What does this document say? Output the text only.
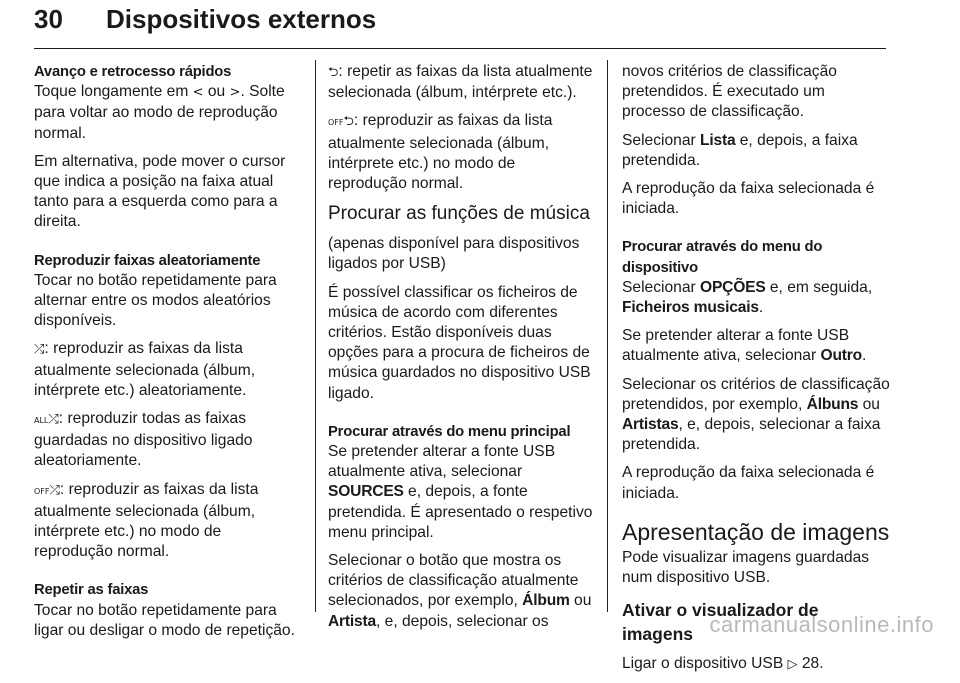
30 Dispositivos externos

Avanço e retrocesso rápidos

Toque longamente em < ou >. Solte para voltar ao modo de reprodução normal.

Em alternativa, pode mover o cursor que indica a posição na faixa atual tanto para a esquerda como para a direita.

Reproduzir faixas aleatoriamente

Tocar no botão repetidamente para alternar entre os modos aleatórios disponíveis.

⤮: reproduzir as faixas da lista atualmente selecionada (álbum, intérprete etc.) aleatoriamente.

ALL⤮: reproduzir todas as faixas guardadas no dispositivo ligado aleatoriamente.

OFF⤮: reproduzir as faixas da lista atualmente selecionada (álbum, intérprete etc.) no modo de reprodução normal.

Repetir as faixas

Tocar no botão repetidamente para ligar ou desligar o modo de repetição.

⮌: repetir as faixas da lista atualmente selecionada (álbum, intérprete etc.).

OFF⮌: reproduzir as faixas da lista atualmente selecionada (álbum, intérprete etc.) no modo de reprodução normal.

Procurar as funções de música

(apenas disponível para dispositivos ligados por USB)

É possível classificar os ficheiros de música de acordo com diferentes critérios. Estão disponíveis duas opções para a procura de ficheiros de música guardados no dispositivo USB ligado.

Procurar através do menu principal

Se pretender alterar a fonte USB atualmente ativa, selecionar SOURCES e, depois, a fonte pretendida. É apresentado o respetivo menu principal.

Selecionar o botão que mostra os critérios de classificação atualmente selecionados, por exemplo, Álbum ou Artista, e, depois, selecionar os

novos critérios de classificação pretendidos. É executado um processo de classificação.

Selecionar Lista e, depois, a faixa pretendida.

A reprodução da faixa selecionada é iniciada.

Procurar através do menu do dispositivo

Selecionar OPÇÕES e, em seguida, Ficheiros musicais.

Se pretender alterar a fonte USB atualmente ativa, selecionar Outro.

Selecionar os critérios de classificação pretendidos, por exemplo, Álbuns ou Artistas, e, depois, selecionar a faixa pretendida.

A reprodução da faixa selecionada é iniciada.

Apresentação de imagens

Pode visualizar imagens guardadas num dispositivo USB.

Ativar o visualizador de imagens

Ligar o dispositivo USB ▷ 28.

carmanualsonline.info
